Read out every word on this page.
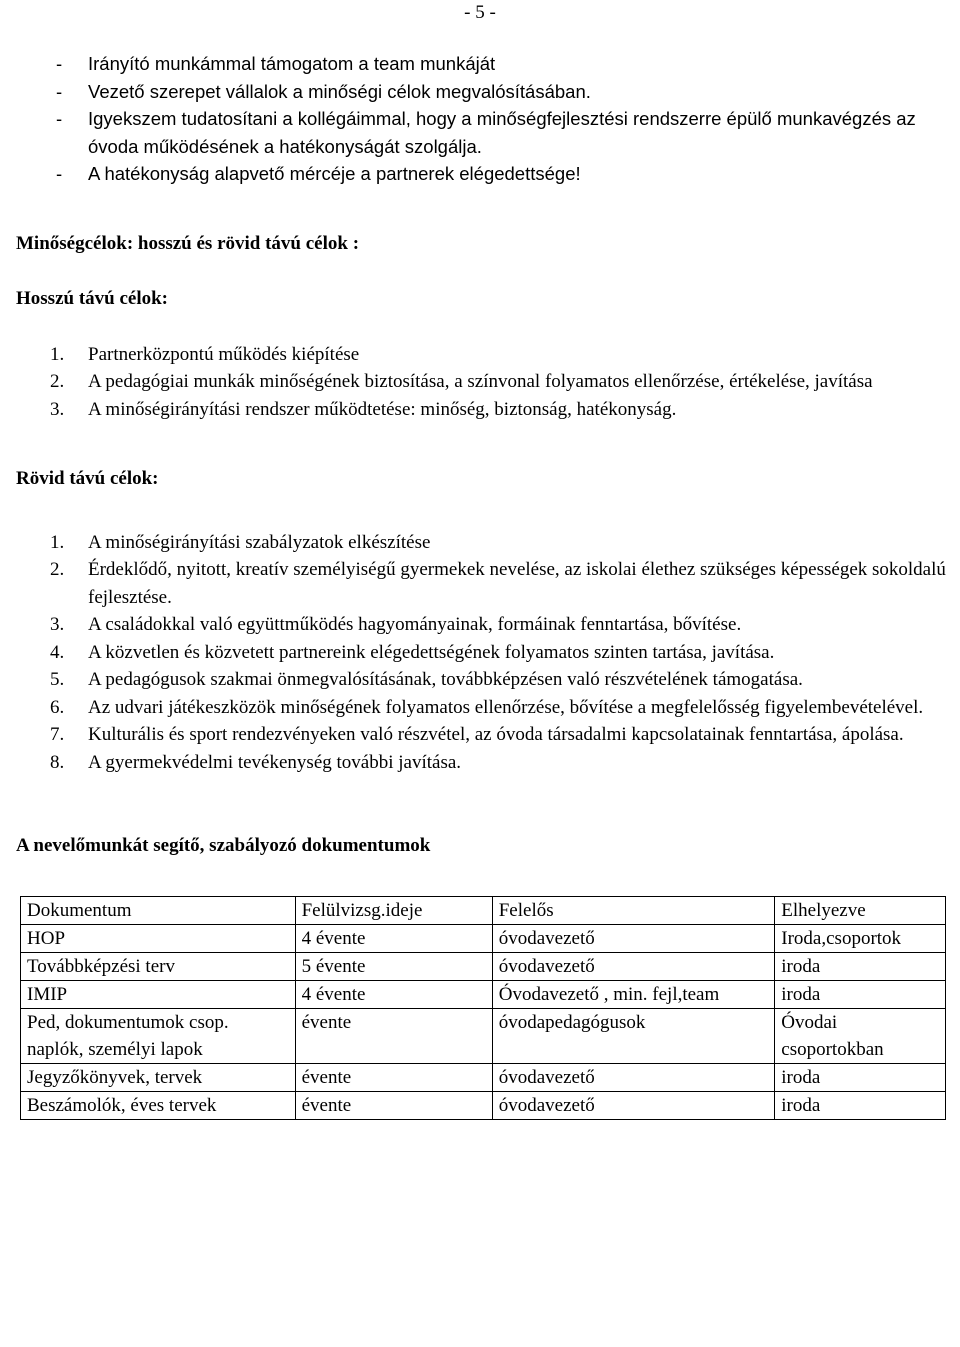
- 5 -
- Irányító munkámmal támogatom a team munkáját
- Vezető szerepet vállalok a minőségi célok megvalósításában.
- Igyekszem tudatosítani a kollégáimmal, hogy a minőségfejlesztési rendszerre épülő munkavégzés az óvoda működésének a hatékonyságát szolgálja.
- A hatékonyság alapvető mércéje a partnerek elégedettsége!
Minőségcélok: hosszú és rövid távú célok :
Hosszú távú célok:
1. Partnerközpontú működés kiépítése
2. A pedagógiai munkák minőségének biztosítása, a színvonal folyamatos ellenőrzése, értékelése, javítása
3. A minőségirányítási rendszer működtetése: minőség, biztonság, hatékonyság.
Rövid távú célok:
1. A minőségirányítási szabályzatok elkészítése
2. Érdeklődő, nyitott, kreatív személyiségű gyermekek nevelése, az iskolai élethez szükséges képességek sokoldalú fejlesztése.
3. A családokkal való együttműködés hagyományainak, formáinak fenntartása, bővítése.
4. A közvetlen és közvetett partnereink elégedettségének folyamatos szinten tartása, javítása.
5. A pedagógusok szakmai önmegvalósításának, továbbképzésen való részvételének támogatása.
6. Az udvari játékeszközök minőségének folyamatos ellenőrzése, bővítése a megfelelősség figyelembevételével.
7. Kulturális és sport rendezvényeken való részvétel, az óvoda társadalmi kapcsolatainak fenntartása, ápolása.
8. A gyermekvédelmi tevékenység további javítása.
A nevelőmunkát segítő, szabályozó dokumentumok
Dokumentum	Felülvizsg.ideje	Felelős	Elhelyezve
HOP	4 évente	óvodavezető	Iroda,csoportok
Továbbképzési terv	5 évente	óvodavezető	iroda
IMIP	4 évente	Óvodavezető , min. fejl,team	iroda
Ped, dokumentumok csop. naplók, személyi lapok	évente	óvodapedagógusok	Óvodai csoportokban
Jegyzőkönyvek, tervek	évente	óvodavezető	iroda
Beszámolók, éves tervek	évente	óvodavezető	iroda
